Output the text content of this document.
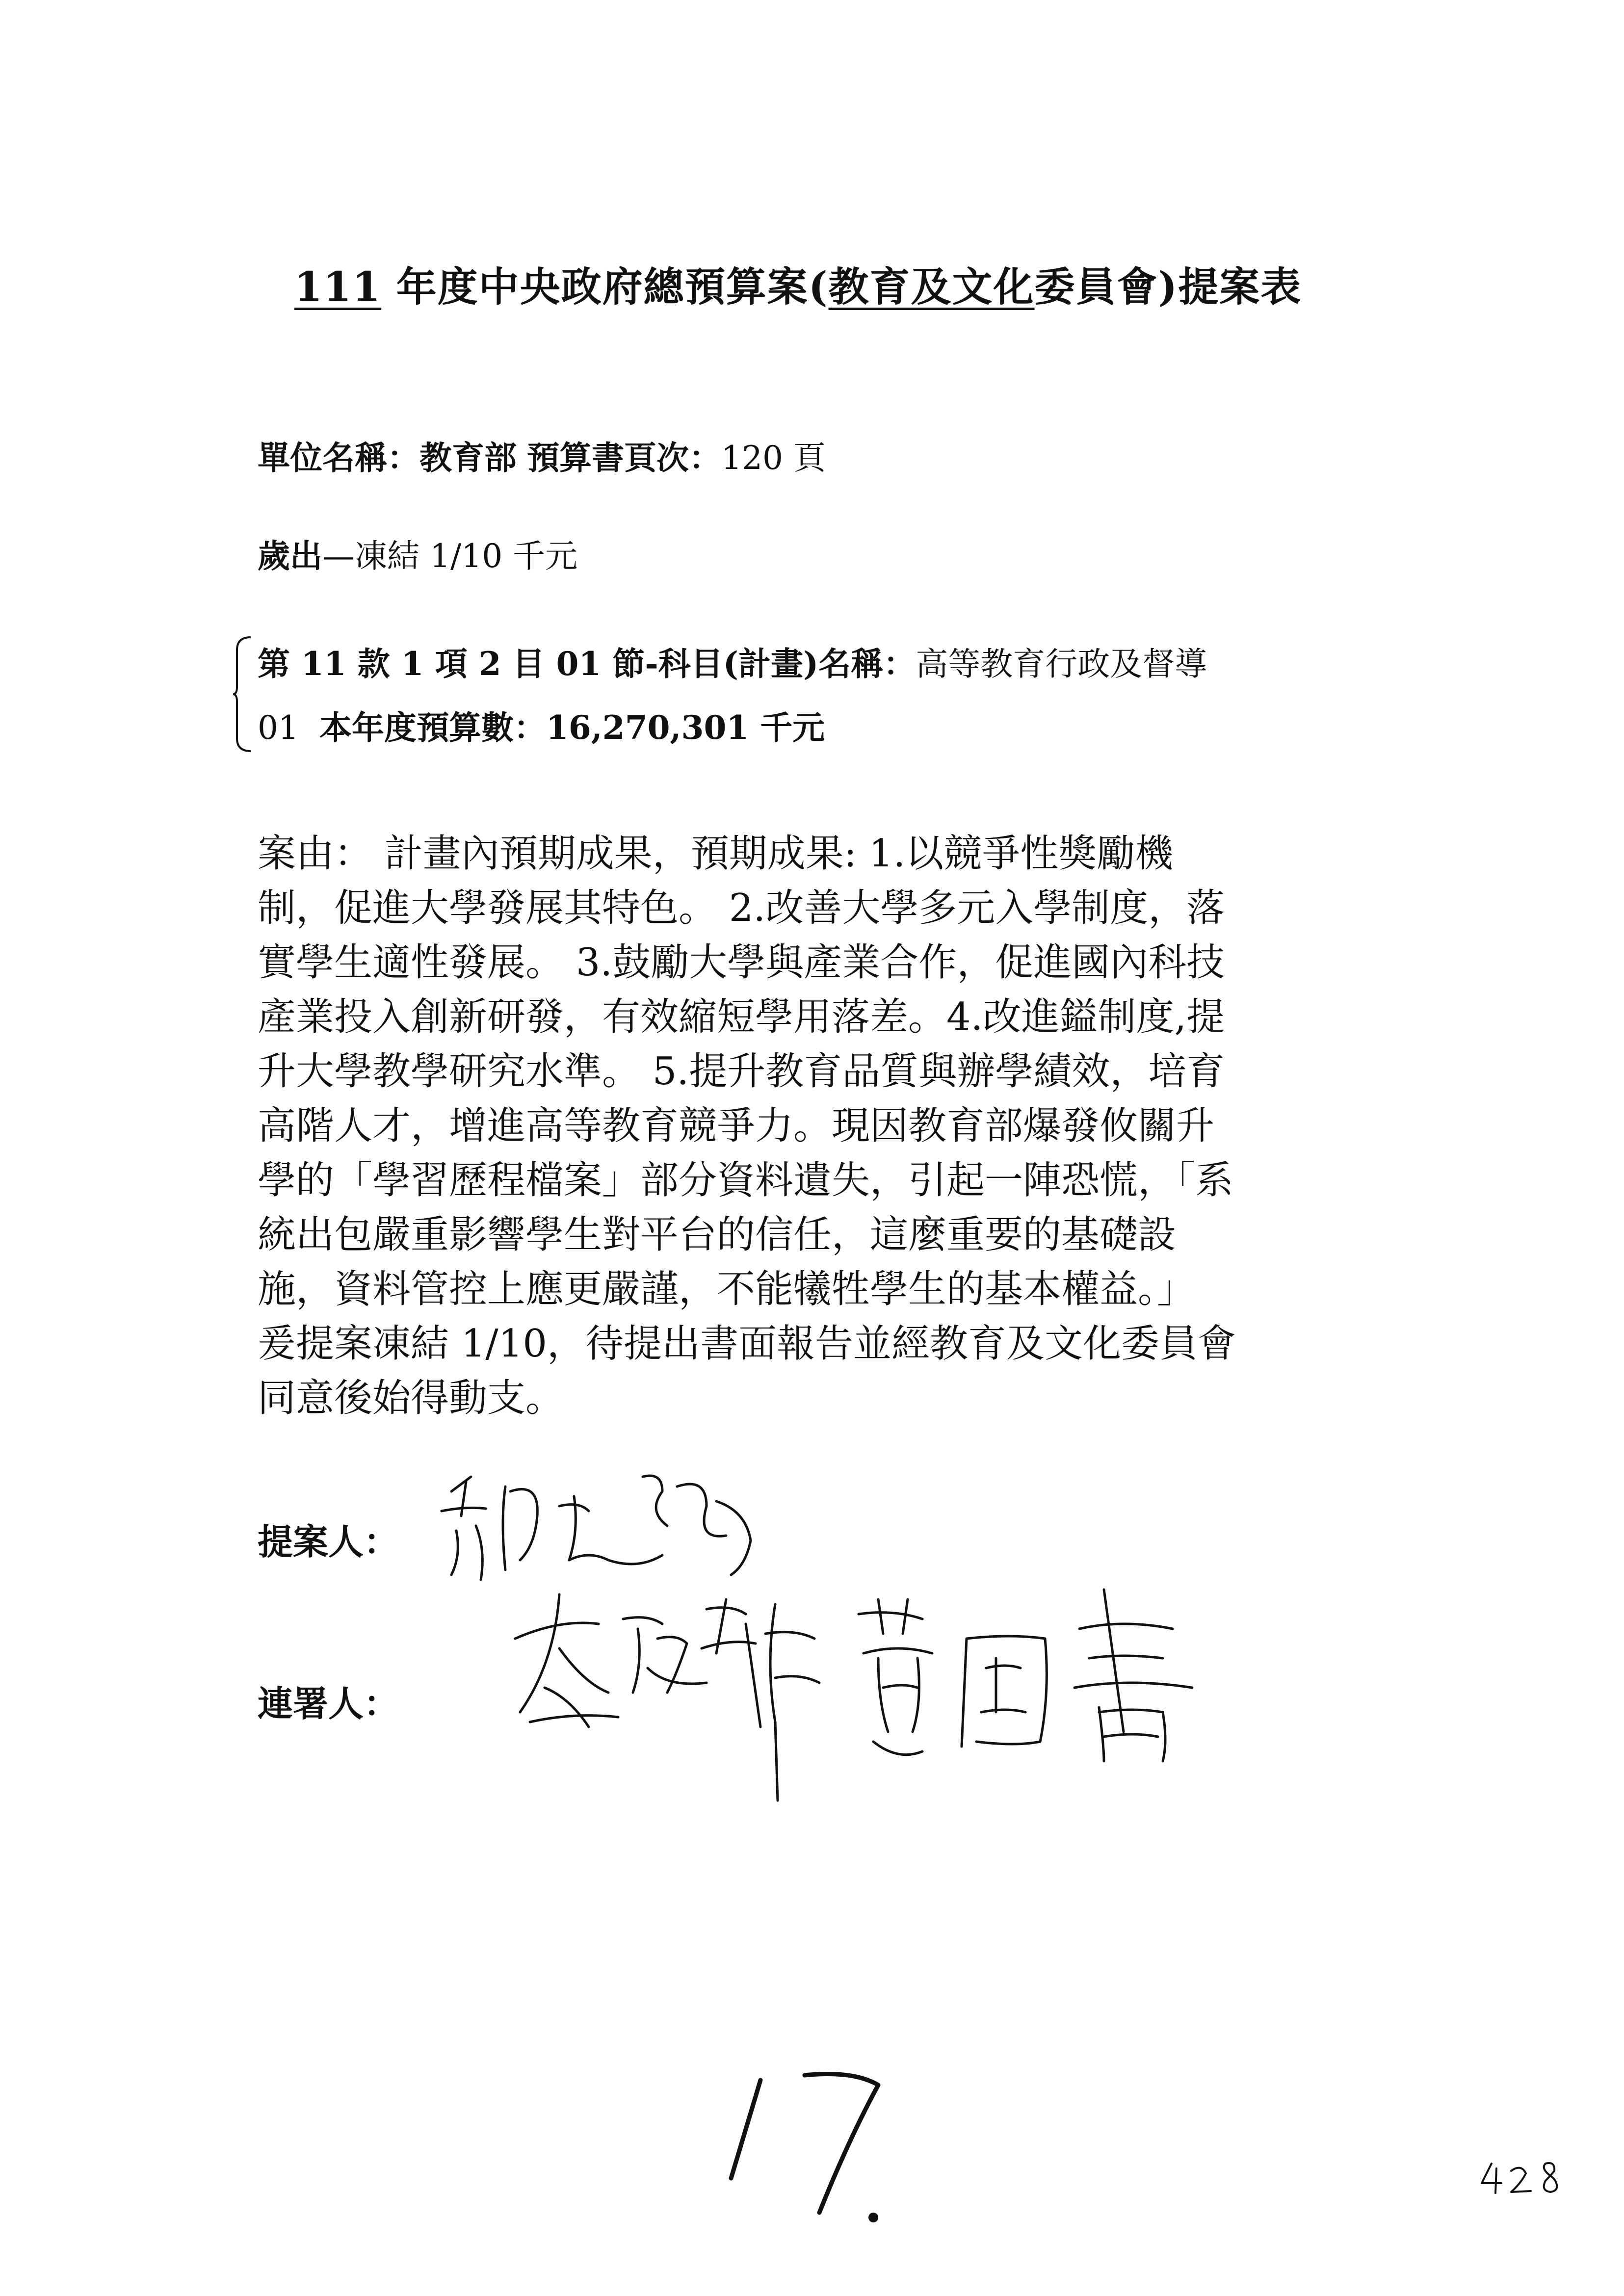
111 年度中央政府總預算案(教育及文化委員會)提案表
單位名稱：教育部 預算書頁次：120 頁
歲出—凍結 1/10 千元
第 11 款 1 項 2 目 01 節-科目(計畫)名稱：高等教育行政及督導
01 本年度預算數：16,270,301 千元
案由： 計畫內預期成果，預期成果: 1.以競爭性獎勵機
制，促進大學發展其特色。 2.改善大學多元入學制度，落
實學生適性發展。 3.鼓勵大學與產業合作，促進國內科技
產業投入創新研發，有效縮短學用落差。4.改進鎰制度,提
升大學教學研究水準。 5.提升教育品質與辦學績效，培育
高階人才，增進高等教育競爭力。現因教育部爆發攸關升
學的「學習歷程檔案」部分資料遺失，引起一陣恐慌，「系
統出包嚴重影響學生對平台的信任，這麼重要的基礎設
施，資料管控上應更嚴謹，不能犧牲學生的基本權益。」
爰提案凍結 1/10，待提出書面報告並經教育及文化委員會
同意後始得動支。
提案人：
連署人：
